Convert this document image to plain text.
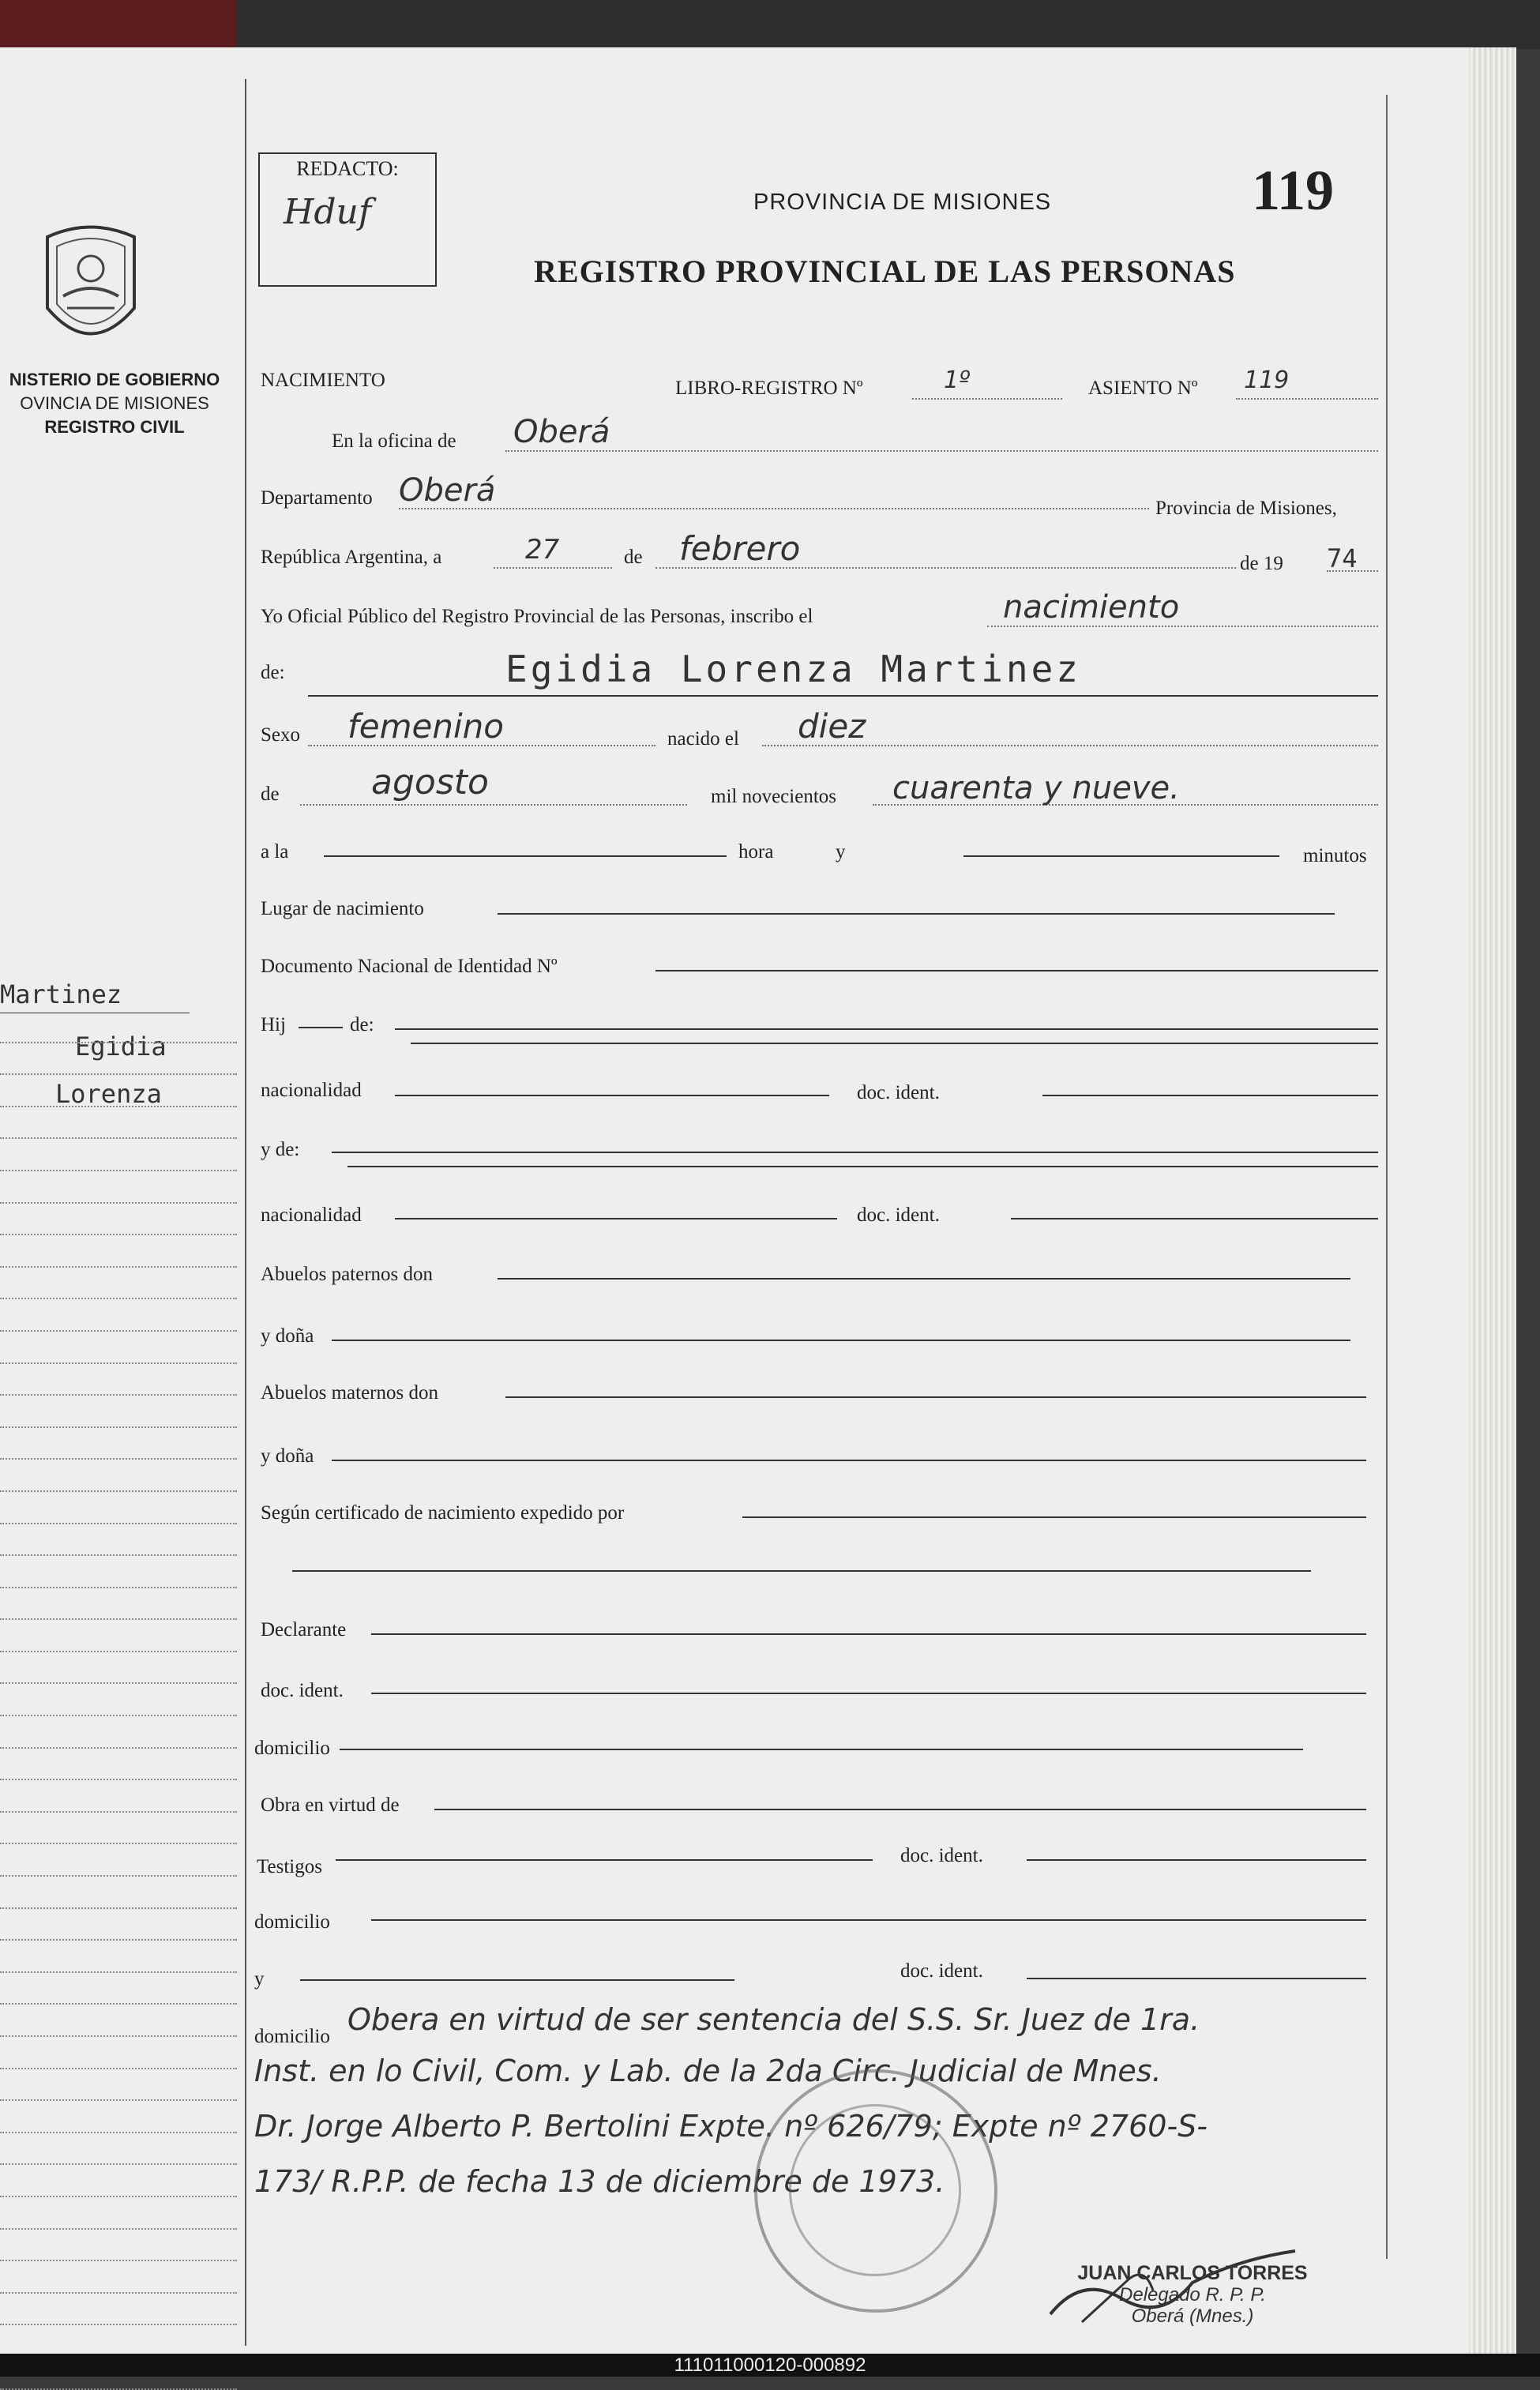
NISTERIO DE GOBIERNO
OVINCIA DE MISIONES
REGISTRO CIVIL
Martinez
Egidia
Lorenza
REDACTO:
Hduf	PROVINCIA DE MISIONES	119
REGISTRO PROVINCIAL DE LAS PERSONAS
NACIMIENTO	LIBRO-REGISTRO Nº	1º	ASIENTO Nº 119
En la oficina de Oberá
Departamento Oberá	Provincia de Misiones,
República Argentina, a	27	de febrero	de 19 74
Yo Oficial Público del Registro Provincial de las Personas, inscribo el	nacimiento
de:	Egidia Lorenza Martinez
Sexo femenino	nacido el diez
de	agosto	mil novecientos cuarenta y nueve.
a la	hora	y	minutos
Lugar de nacimiento
Documento Nacional de Identidad Nº
Hij	de:
nacionalidad	doc. ident.
y de:
nacionalidad	doc. ident.
Abuelos paternos don
y doña
Abuelos maternos don
y doña
Según certificado de nacimiento expedido por
Declarante
doc. ident.
domicilio
Obra en virtud de
Testigos
doc. ident.
domicilio
y	doc. ident.
domicilio Obera en virtud de ser sentencia del S.S. Sr. Juez de 1ra.
Inst. en lo Civil, Com. y Lab. de la 2da Circ. Judicial de Mnes.
Dr. Jorge Alberto P. Bertolini Expte. nº 626/79; Expte nº 2760-S-
173/ R.P.P. de fecha 13 de diciembre de 1973.
JUAN CARLOS TORRES
Delegado R. P. P.
Oberá (Mnes.)
111011000120-000892
